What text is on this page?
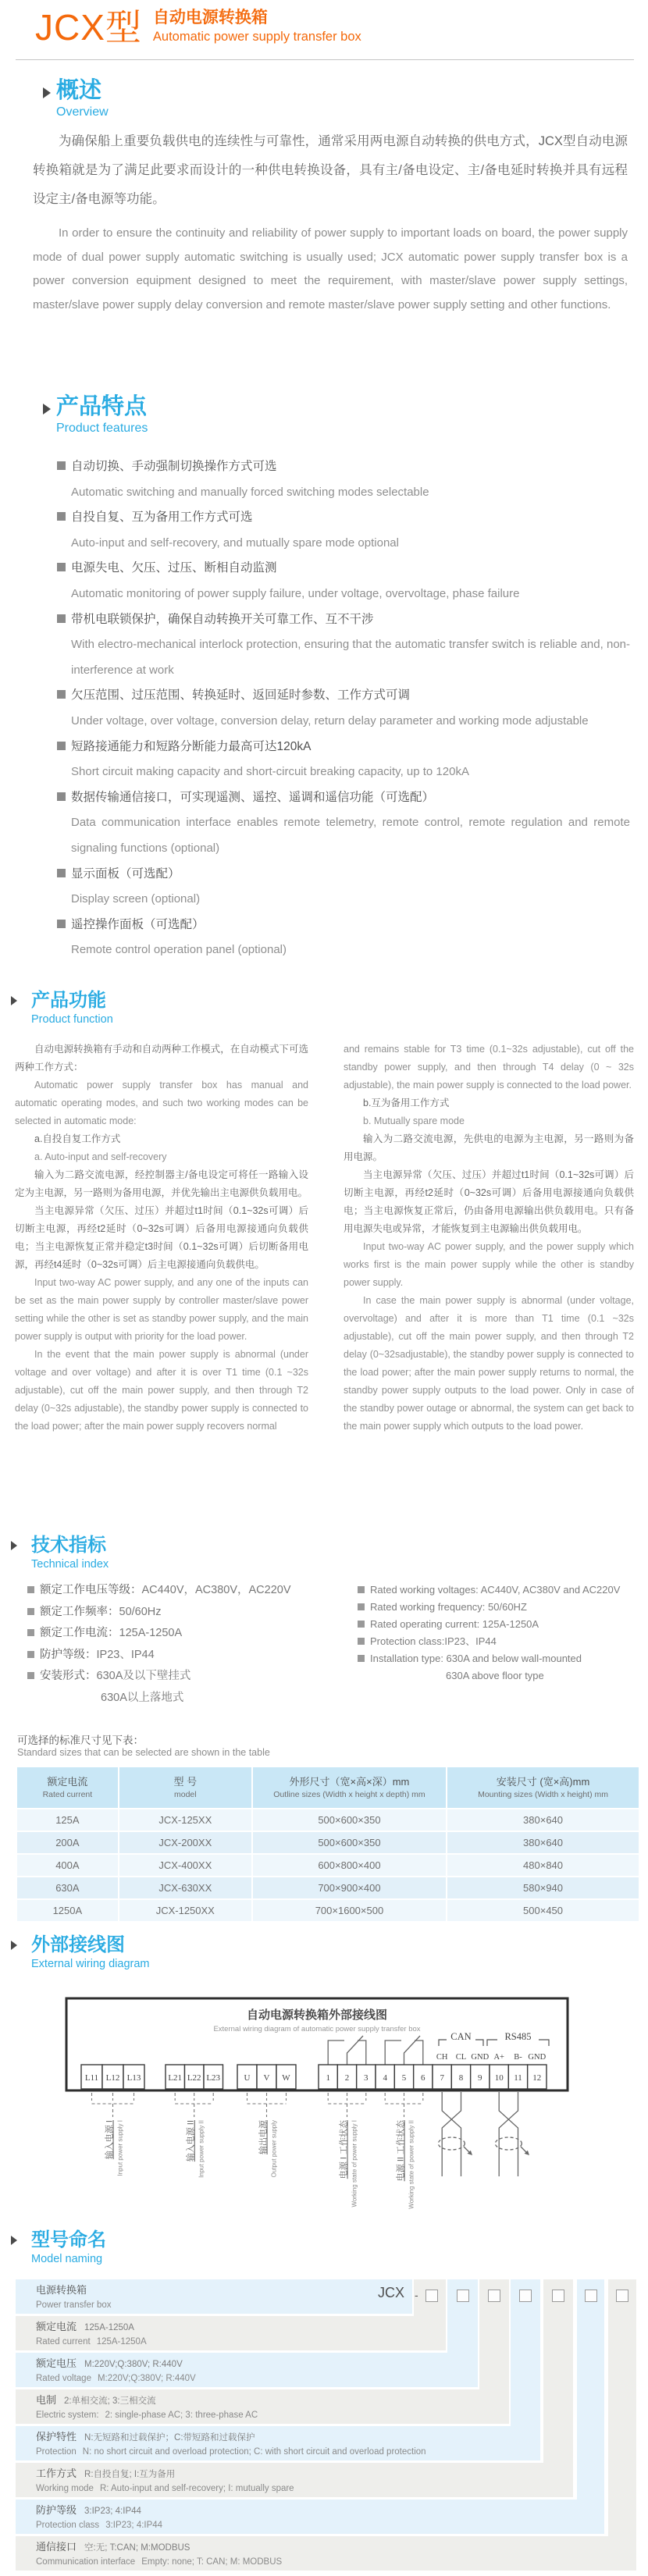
JCX型 自动电源转换箱
Automatic power supply transfer box
概述
Overview
为确保船上重要负载供电的连续性与可靠性，通常采用两电源自动转换的供电方式，JCX型自动电源转换箱就是为了满足此要求而设计的一种供电转换设备，具有主/备电设定、主/备电延时转换并具有远程设定主/备电源等功能。
In order to ensure the continuity and reliability of power supply to important loads on board, the power supply mode of dual power supply automatic switching is usually used; JCX automatic power supply transfer box is a power conversion equipment designed to meet the requirement, with master/slave power supply settings, master/slave power supply delay conversion and remote master/slave power supply setting and other functions.
产品特点
Product features
自动切换、手动强制切换操作方式可选
Automatic switching and manually forced switching modes selectable
自投自复、互为备用工作方式可选
Auto-input and self-recovery, and mutually spare mode optional
电源失电、欠压、过压、断相自动监测
Automatic monitoring of power supply failure, under voltage, overvoltage, phase failure
带机电联锁保护，确保自动转换开关可靠工作、互不干涉
With electro-mechanical interlock protection, ensuring that the automatic transfer switch is reliable and, non-interference at work
欠压范围、过压范围、转换延时、返回延时参数、工作方式可调
Under voltage, over voltage, conversion delay, return delay parameter and working mode adjustable
短路接通能力和短路分断能力最高可达120kA
Short circuit making capacity and short-circuit breaking capacity, up to 120kA
数据传输通信接口，可实现遥测、遥控、遥调和遥信功能（可选配）
Data communication interface enables remote telemetry, remote control, remote regulation and remote signaling functions (optional)
显示面板（可选配）
Display screen (optional)
遥控操作面板（可选配）
Remote control operation panel (optional)
产品功能
Product function

自动电源转换箱有手动和自动两种工作模式，在自动模式下可选两种工作方式：

Automatic power supply transfer box has manual and automatic operating modes, and such two working modes can be selected in automatic mode:

a.自投自复工作方式

a. Auto-input and self-recovery

输入为二路交流电源，经控制器主/备电设定可将任一路输入设定为主电源，另一路则为备用电源，并优先输出主电源供负载用电。

当主电源异常（欠压、过压）并超过t1时间（0.1~32s可调）后切断主电源，再经t2延时（0~32s可调）后备用电源接通向负载供电；当主电源恢复正常并稳定t3时间（0.1~32s可调）后切断备用电源，再经t4延时（0~32s可调）后主电源接通向负载供电。

Input two-way AC power supply, and any one of the inputs can be set as the main power supply by controller master/slave power setting while the other is set as standby power supply, and the main power supply is output with priority for the load power.

In the event that the main power supply is abnormal (under voltage and over voltage) and after it is over T1 time (0.1 ~32s adjustable), cut off the main power supply, and then through T2 delay (0~32s adjustable), the standby power supply is connected to the load power; after the main power supply recovers normal

and remains stable for T3 time (0.1~32s adjustable), cut off the standby power supply, and then through T4 delay (0 ~ 32s adjustable), the main power supply is connected to the load power.

b.互为备用工作方式

b. Mutually spare mode

输入为二路交流电源，先供电的电源为主电源，另一路则为备用电源。

当主电源异常（欠压、过压）并超过t1时间（0.1~32s可调）后切断主电源，再经t2延时（0~32s可调）后备用电源接通向负载供电；当主电源恢复正常后，仍由备用电源输出供负载用电。只有备用电源失电或异常，才能恢复到主电源输出供负载用电。

Input two-way AC power supply, and the power supply which works first is the main power supply while the other is standby power supply.

In case the main power supply is abnormal (under voltage, overvoltage) and after it is more than T1 time (0.1 ~32s adjustable), cut off the main power supply, and then through T2 delay (0~32sadjustable), the standby power supply is connected to the load power; after the main power supply returns to normal, the standby power supply outputs to the load power. Only in case of the standby power outage or abnormal, the system can get back to the main power supply which outputs to the load power.

技术指标
Technical index
额定工作电压等级：AC440V，AC380V，AC220V
额定工作频率：50/60Hz
额定工作电流：125A-1250A
防护等级：IP23、IP44
安装形式：630A及以下壁挂式
630A以上落地式
Rated working voltages: AC440V, AC380V and AC220V
Rated working frequency: 50/60HZ
Rated operating current: 125A-1250A
Protection class:IP23、IP44
Installation type: 630A and below wall-mounted
630A above floor type
可选择的标准尺寸见下表：
Standard sizes that can be selected are shown in the table
额定电流
Rated current

型 号
model

外形尺寸（宽×高×深）mm
Outline sizes (Width x height x depth) mm

安装尺寸 (宽×高)mm
Mounting sizes (Width x height) mm

125A	JCX-125XX	500×600×350	380×640
200A	JCX-200XX	500×600×350	380×640
400A	JCX-400XX	600×800×400	480×840
630A	JCX-630XX	700×900×400	580×940
1250A	JCX-1250XX	700×1600×500	500×450
外部接线图
External wiring diagram
自动电源转换箱外部接线图
External wiring diagram of automatic power supply transfer box
CAN	RS485
CH CL GND A+ B- GND
L11 L12 L13	L21 L22 L23	U V W	1 2 3 4 5 6 7 8 9 10 11 12
输入电源 I Input power supply I	输入电源 II Input power supply II	输出电源 Output power supply	电源 I 工作状态 Working state of power supply I	电源 II 工作状态 Working state of power supply II
型号命名
Model naming
-
电源转换箱
Power transfer box
JCX
额定电流 125A-1250A
Rated current 125A-1250A
额定电压 M:220V;Q:380V; R:440V
Rated voltage M:220V;Q:380V; R:440V
电制 2:单相交流; 3:三相交流
Electric system: 2: single-phase AC; 3: three-phase AC
保护特性 N:无短路和过载保护；C:带短路和过载保护
Protection N: no short circuit and overload protection; C: with short circuit and overload protection
工作方式 R:自投自复; I:互为备用
Working mode R: Auto-input and self-recovery; I: mutually spare
防护等级 3:IP23; 4:IP44
Protection class 3:IP23; 4:IP44
通信接口 空:无; T:CAN; M:MODBUS
Communication interface Empty: none; T: CAN; M: MODBUS
